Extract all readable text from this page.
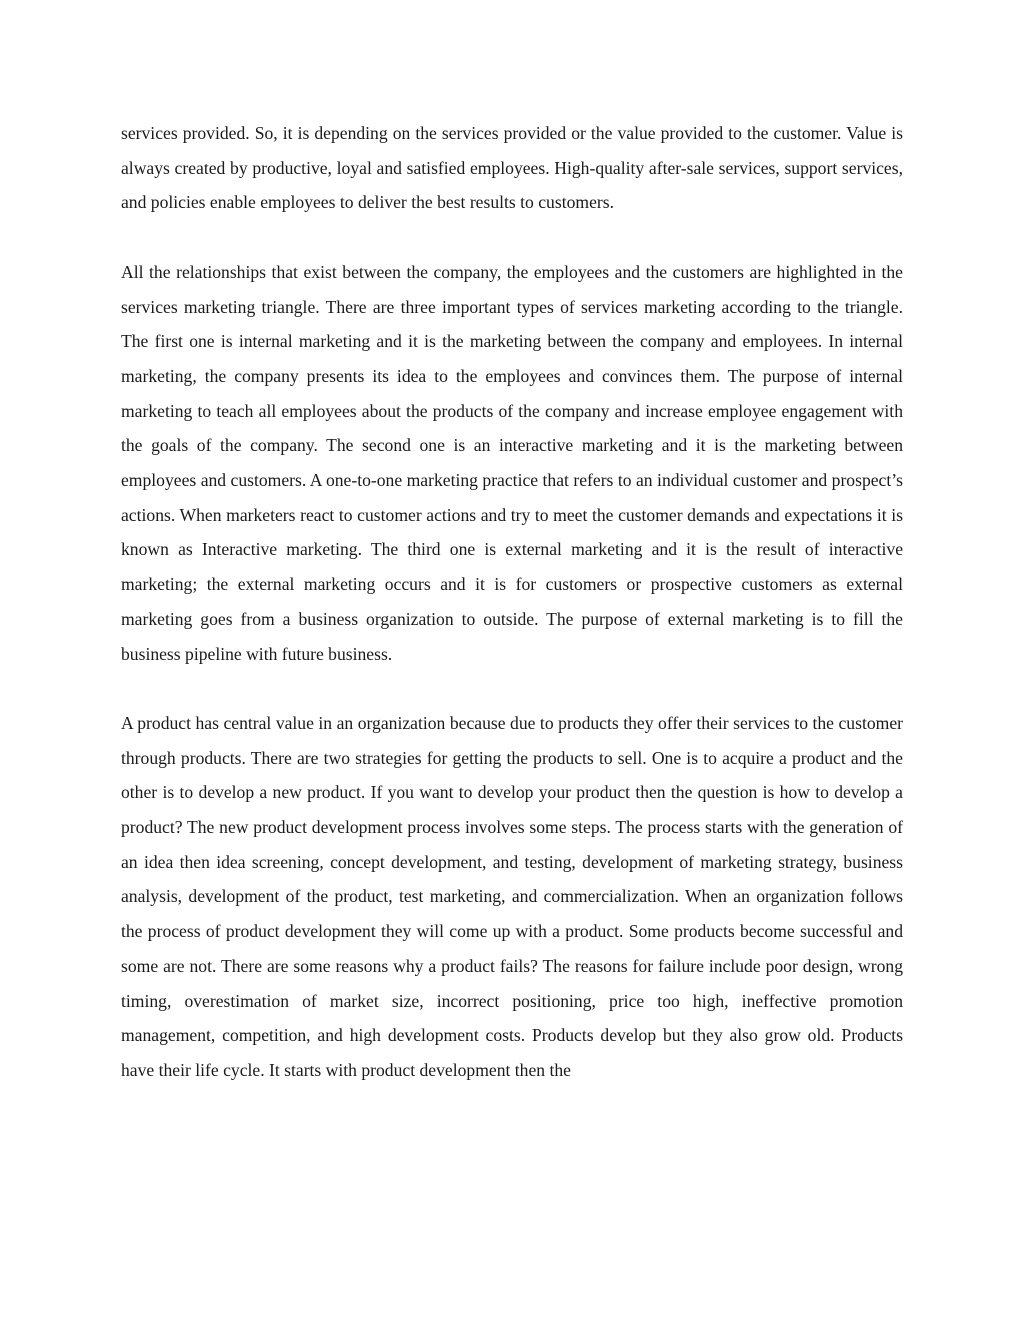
services provided. So, it is depending on the services provided or the value provided to the customer. Value is always created by productive, loyal and satisfied employees. High-quality after-sale services, support services, and policies enable employees to deliver the best results to customers.

All the relationships that exist between the company, the employees and the customers are highlighted in the services marketing triangle. There are three important types of services marketing according to the triangle. The first one is internal marketing and it is the marketing between the company and employees. In internal marketing, the company presents its idea to the employees and convinces them. The purpose of internal marketing to teach all employees about the products of the company and increase employee engagement with the goals of the company. The second one is an interactive marketing and it is the marketing between employees and customers. A one-to-one marketing practice that refers to an individual customer and prospect’s actions. When marketers react to customer actions and try to meet the customer demands and expectations it is known as Interactive marketing. The third one is external marketing and it is the result of interactive marketing; the external marketing occurs and it is for customers or prospective customers as external marketing goes from a business organization to outside. The purpose of external marketing is to fill the business pipeline with future business.

A product has central value in an organization because due to products they offer their services to the customer through products. There are two strategies for getting the products to sell. One is to acquire a product and the other is to develop a new product. If you want to develop your product then the question is how to develop a product? The new product development process involves some steps. The process starts with the generation of an idea then idea screening, concept development, and testing, development of marketing strategy, business analysis, development of the product, test marketing, and commercialization. When an organization follows the process of product development they will come up with a product. Some products become successful and some are not. There are some reasons why a product fails? The reasons for failure include poor design, wrong timing, overestimation of market size, incorrect positioning, price too high, ineffective promotion management, competition, and high development costs. Products develop but they also grow old. Products have their life cycle. It starts with product development then the
